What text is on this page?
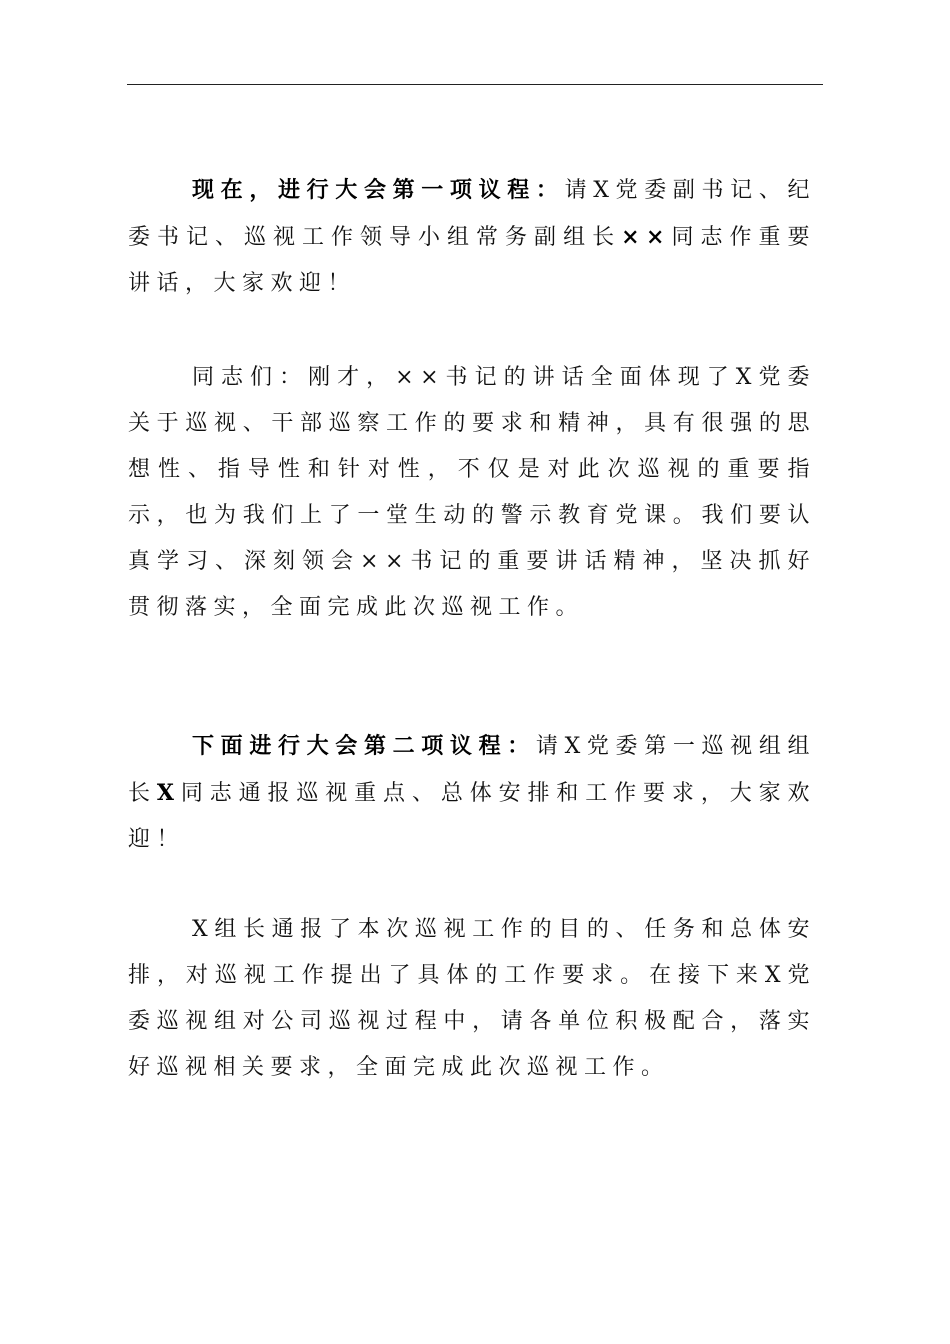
现在，进行大会第一项议程：请X党委副书记、纪委书记、巡视工作领导小组常务副组长××同志作重要讲话，大家欢迎！

同志们：刚才，××书记的讲话全面体现了X党委关于巡视、干部巡察工作的要求和精神，具有很强的思想性、指导性和针对性，不仅是对此次巡视的重要指示，也为我们上了一堂生动的警示教育党课。我们要认真学习、深刻领会××书记的重要讲话精神，坚决抓好贯彻落实，全面完成此次巡视工作。

下面进行大会第二项议程：请X党委第一巡视组组长X同志通报巡视重点、总体安排和工作要求，大家欢迎！

X组长通报了本次巡视工作的目的、任务和总体安排，对巡视工作提出了具体的工作要求。在接下来X党委巡视组对公司巡视过程中，请各单位积极配合，落实好巡视相关要求，全面完成此次巡视工作。
